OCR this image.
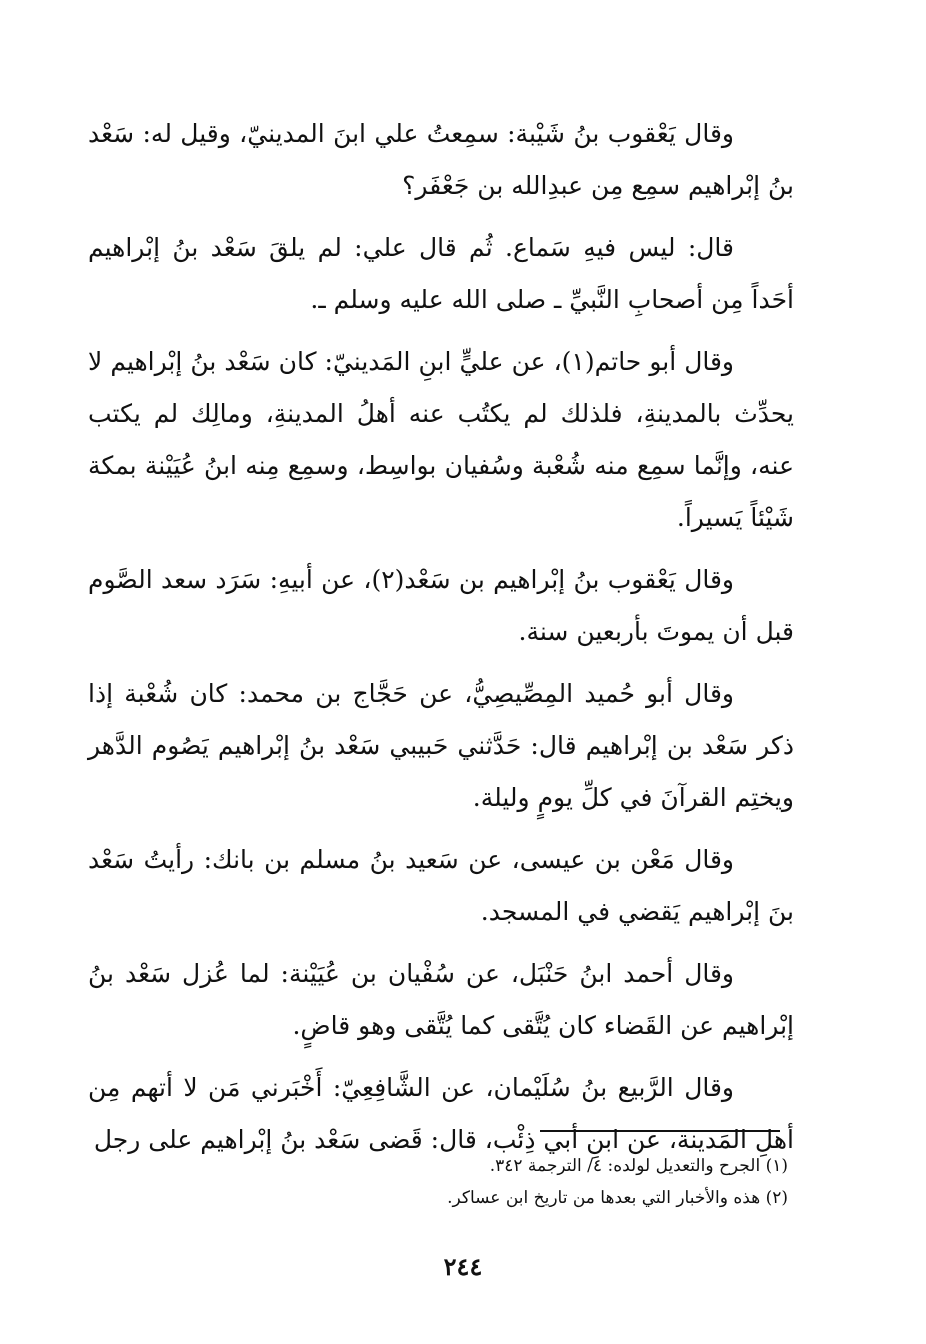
وقال يَعْقوب بنُ شَيْبة: سمِعتُ علي ابنَ المدينيّ، وقيل له: سَعْد بنُ إبْراهيم سمِع مِن عبدِالله بن جَعْفَر؟

قال: ليس فيهِ سَماع. ثُم قال علي: لم يلقَ سَعْد بنُ إبْراهيم أحَداً مِن أصحابِ النَّبيِّ ـ صلى الله عليه وسلم ـ.

وقال أبو حاتم(١)، عن عليٍّ ابنِ المَدينيّ: كان سَعْد بنُ إبْراهيم لا يحدِّث بالمدينةِ، فلذلك لم يكتُب عنه أهلُ المدينةِ، ومالِك لم يكتب عنه، وإنَّما سمِع منه شُعْبة وسُفيان بواسِط، وسمِع مِنه ابنُ عُيَيْنة بمكة شَيْئاً يَسيراً.

وقال يَعْقوب بنُ إبْراهيم بن سَعْد(٢)، عن أبيهِ: سَرَد سعد الصَّوم قبل أن يموتَ بأربعين سنة.

وقال أبو حُميد المِصِّيصِيُّ، عن حَجَّاج بن محمد: كان شُعْبة إذا ذكر سَعْد بن إبْراهيم قال: حَدَّثني حَبيبي سَعْد بنُ إبْراهيم يَصُوم الدَّهر ويختِم القرآنَ في كلِّ يومٍ وليلة.

وقال مَعْن بن عيسى، عن سَعيد بنُ مسلم بن بانك: رأيتُ سَعْد بنَ إبْراهيم يَقضي في المسجد.

وقال أحمد ابنُ حَنْبَل، عن سُفْيان بن عُيَيْنة: لما عُزل سَعْد بنُ إبْراهيم عن القَضاء كان يُتَّقى كما يُتَّقى وهو قاضٍ.

وقال الرَّبيع بنُ سُلَيْمان، عن الشَّافِعِيّ: أَخْبَرني مَن لا أتهم مِن أهلِ المَدينة، عن ابنِ أبي ذِئْب، قال: قَضى سَعْد بنُ إبْراهيم على رجل

(١) الجرح والتعديل لولده: ٤/ الترجمة ٣٤٢.

(٢) هذه والأخبار التي بعدها من تاريخ ابن عساكر.

٢٤٤
